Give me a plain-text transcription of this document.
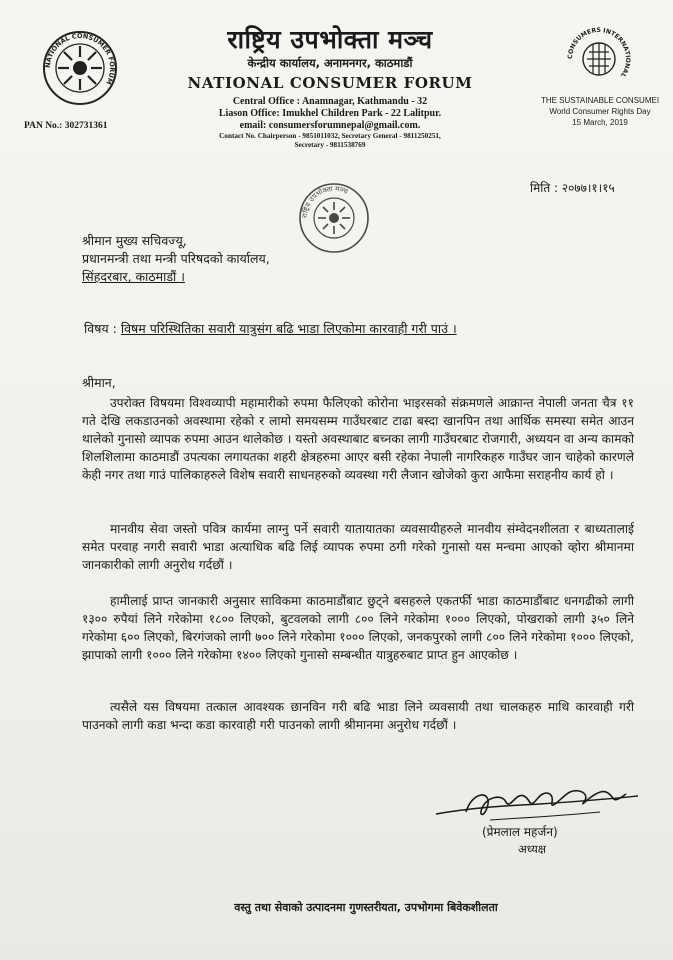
NATIONAL CONSUMER FORUM
राष्ट्रिय उपभोक्ता मञ्च
केन्द्रीय कार्यालय, अनामनगर, काठमाडौं
NATIONAL CONSUMER FORUM
Central Office : Anamnagar, Kathmandu - 32
Liason Office: Imukhel Children Park - 22 Lalitpur.
email: consumersforumnepal@gmail.com.
Contact No. Chairperson - 9851011032, Secretary General - 9811250251,
Secretary - 9811538769
PAN No.: 302731361
CONSUMERS INTERNATIONAL
THE SUSTAINABLE CONSUMEI
World Consumer Rights Day
15 March, 2019
मिति : २०७७।१।१५
श्रीमान मुख्य सचिवज्यू,
प्रधानमन्त्री तथा मन्त्री परिषदको कार्यालय,
सिंहदरबार, काठमाडौं ।
राष्ट्रिय उपभोक्ता मञ्च
विषय : विषम परिस्थितिका सवारी यात्रुसंग बढि भाडा लिएकोमा कारवाही गरी पाउं ।
श्रीमान,

उपरोक्त विषयमा विश्वव्यापी महामारीको रुपमा फैलिएको कोरोना भाइरसको संक्रमणले आक्रान्त नेपाली जनता चैत्र ११ गते देखि लकडाउनको अवस्थामा रहेको र लामो समयसम्म गाउँघरबाट टाढा बस्दा खानपिन तथा आर्थिक समस्या समेत आउन थालेको गुनासो व्यापक रुपमा आउन थालेकोछ । यस्तो अवस्थाबाट बच्नका लागी गाउँघरबाट रोजगारी, अध्ययन वा अन्य कामको शिलशिलामा काठमाडौं उपत्यका लगायतका शहरी क्षेत्रहरुमा आएर बसी रहेका नेपाली नागरिकहरु गाउँघर जान चाहेको कारणले केही नगर तथा गाउं पालिकाहरुले विशेष सवारी साधनहरुको व्यवस्था गरी लैजान खोजेको कुरा आफैमा सराहनीय कार्य हो ।

मानवीय सेवा जस्तो पवित्र कार्यमा लाग्नु पर्ने सवारी यातायातका व्यवसायीहरुले मानवीय संम्वेदनशीलता र बाध्यतालाई समेत परवाह नगरी सवारी भाडा अत्याधिक बढि लिई व्यापक रुपमा ठगी गरेको गुनासो यस मन्चमा आएको व्होरा श्रीमानमा जानकारीको लागी अनुरोध गर्दछौं ।

हामीलाई प्राप्त जानकारी अनुसार साविकमा काठमाडौंबाट छुट्ने बसहरुले एकतर्फी भाडा काठमाडौंबाट धनगढीको लागी १३०० रुपैयां लिने गरेकोमा १८०० लिएको, बुटवलको लागी ८०० लिने गरेकोमा १००० लिएको, पोखराको लागी ३५० लिने गरेकोमा ६०० लिएको, बिरगंजको लागी ७०० लिने गरेकोमा १००० लिएको, जनकपुरको लागी ८०० लिने गरेकोमा १००० लिएको, झापाको लागी १००० लिने गरेकोमा १४०० लिएको गुनासो सम्बन्धीत यात्रुहरुबाट प्राप्त हुन आएकोछ ।

त्यसैले यस विषयमा तत्काल आवश्यक छानविन गरी बढि भाडा लिने व्यवसायी तथा चालकहरु माथि कारवाही गरी पाउनको लागी कडा भन्दा कडा कारवाही गरी पाउनको लागी श्रीमानमा अनुरोध गर्दछौं ।

(प्रेमलाल महर्जन)
अध्यक्ष
वस्तु तथा सेवाको उत्पादनमा गुणस्तरीयता, उपभोगमा बिवेकशीलता
